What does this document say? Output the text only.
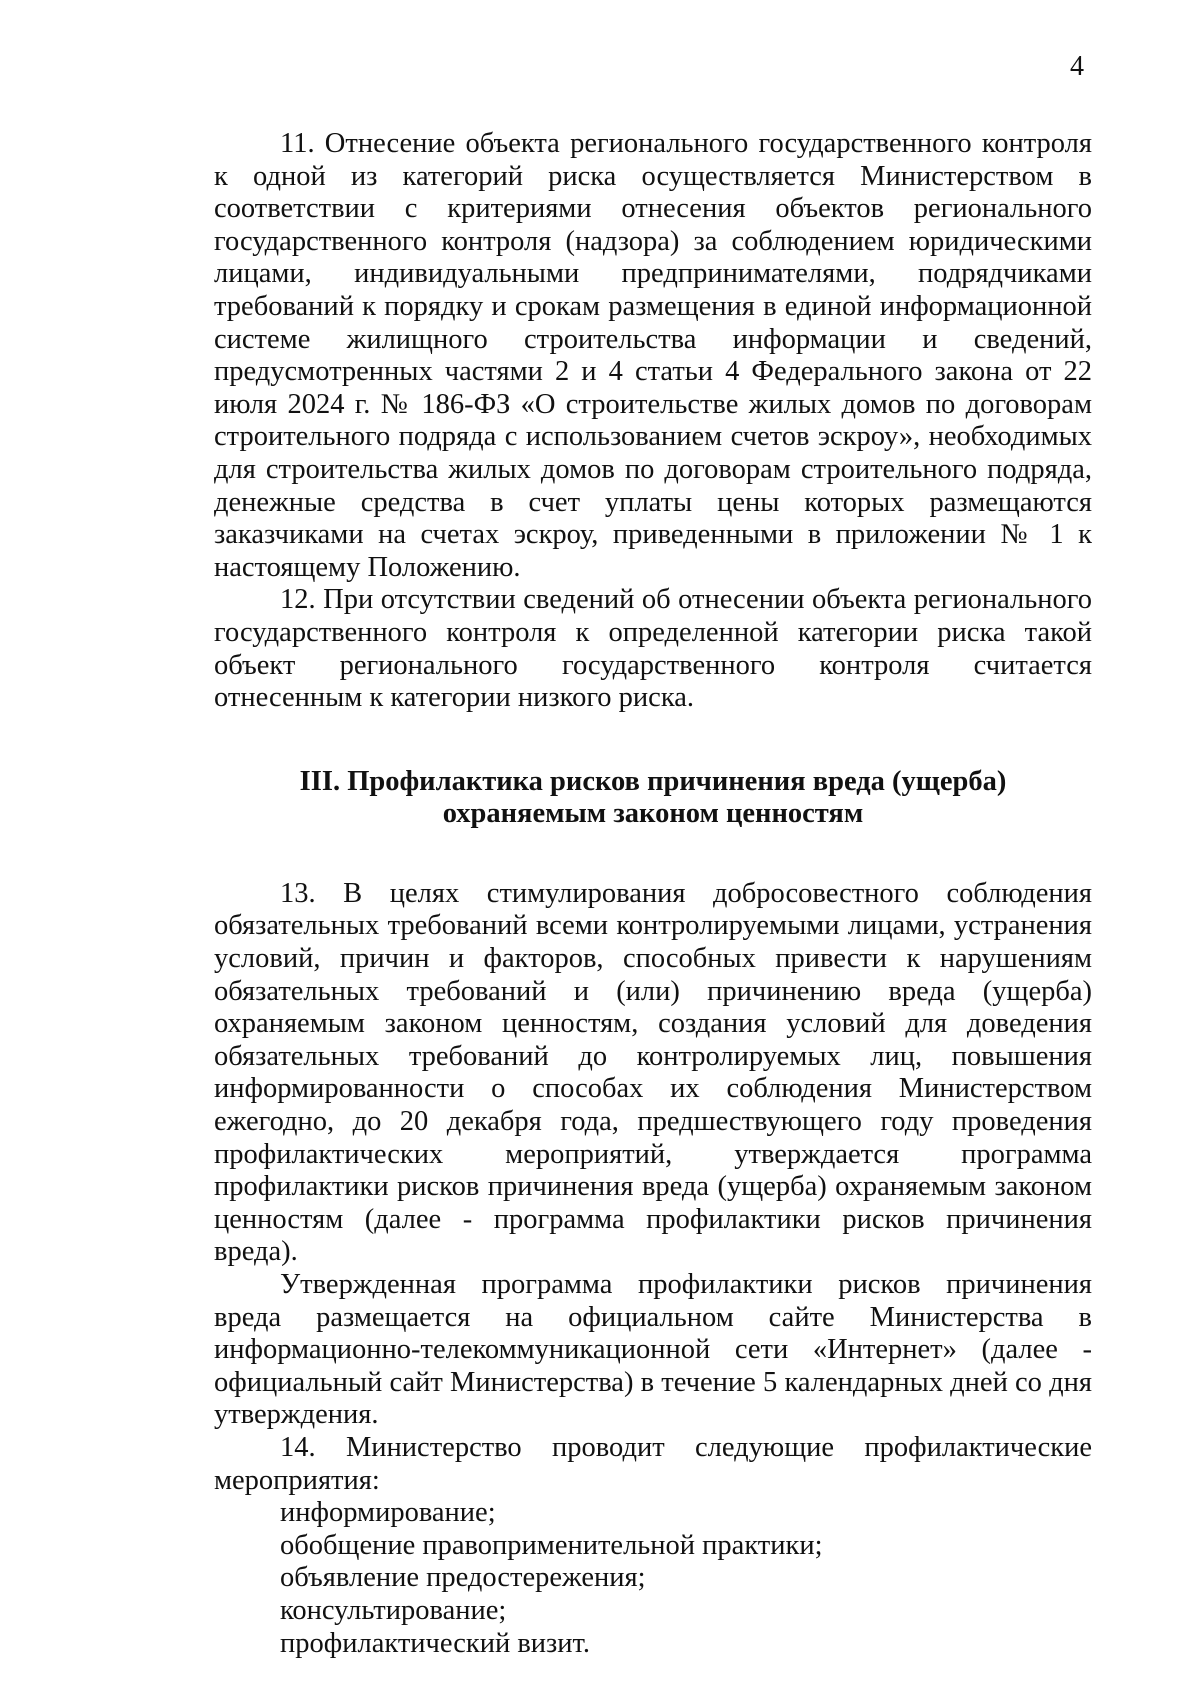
4

11. Отнесение объекта регионального государственного контроля к одной из категорий риска осуществляется Министерством в соответствии с критериями отнесения объектов регионального государственного контроля (надзора) за соблюдением юридическими лицами, индивидуальными предпринимателями, подрядчиками требований к порядку и срокам размещения в единой информационной системе жилищного строительства информации и сведений, предусмотренных частями 2 и 4 статьи 4 Федерального закона от 22 июля 2024 г. № 186-ФЗ «О строительстве жилых домов по договорам строительного подряда с использованием счетов эскроу», необходимых для строительства жилых домов по договорам строительного подряда, денежные средства в счет уплаты цены которых размещаются заказчиками на счетах эскроу, приведенными в приложении № 1 к настоящему Положению.

12. При отсутствии сведений об отнесении объекта регионального государственного контроля к определенной категории риска такой объект регионального государственного контроля считается отнесенным к категории низкого риска.

III. Профилактика рисков причинения вреда (ущерба)
охраняемым законом ценностям

13. В целях стимулирования добросовестного соблюдения обязательных требований всеми контролируемыми лицами, устранения условий, причин и факторов, способных привести к нарушениям обязательных требований и (или) причинению вреда (ущерба) охраняемым законом ценностям, создания условий для доведения обязательных требований до контролируемых лиц, повышения информированности о способах их соблюдения Министерством ежегодно, до 20 декабря года, предшествующего году проведения профилактических мероприятий, утверждается программа профилактики рисков причинения вреда (ущерба) охраняемым законом ценностям (далее - программа профилактики рисков причинения вреда).

Утвержденная программа профилактики рисков причинения вреда размещается на официальном сайте Министерства в информационно-телекоммуникационной сети «Интернет» (далее - официальный сайт Министерства) в течение 5 календарных дней со дня утверждения.

14. Министерство проводит следующие профилактические мероприятия:

информирование;
обобщение правоприменительной практики;
объявление предостережения;
консультирование;
профилактический визит.
